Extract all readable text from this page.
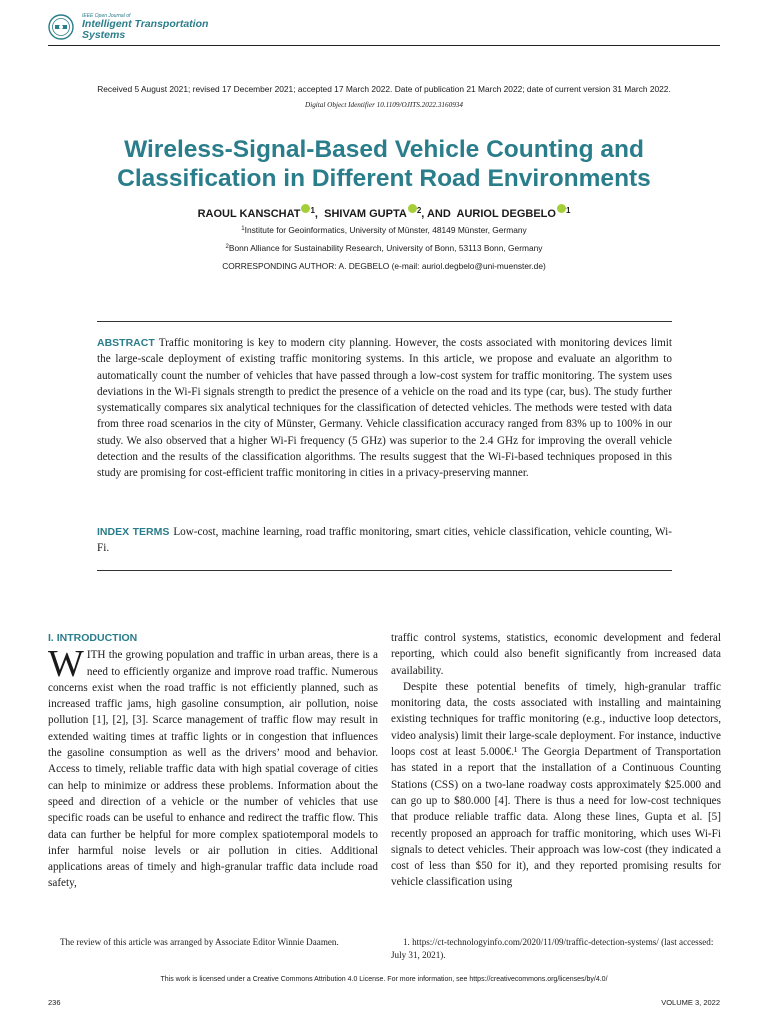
IEEE Open Journal of
Intelligent Transportation
Systems
Received 5 August 2021; revised 17 December 2021; accepted 17 March 2022. Date of publication 21 March 2022; date of current version 31 March 2022.
Digital Object Identifier 10.1109/OJITS.2022.3160934
Wireless-Signal-Based Vehicle Counting and
Classification in Different Road Environments
RAOUL KANSCHAT $^1$,  SHIVAM GUPTA $^2$, AND  AURIOL DEGBELO $^1$
$^1$Institute for Geoinformatics, University of Münster, 48149 Münster, Germany
$^2$Bonn Alliance for Sustainability Research, University of Bonn, 53113 Bonn, Germany
CORRESPONDING AUTHOR: A. DEGBELO (e-mail: auriol.degbelo@uni-muenster.de)
ABSTRACT Traffic monitoring is key to modern city planning. However, the costs associated with monitoring devices limit the large-scale deployment of existing traffic monitoring systems. In this article, we propose and evaluate an algorithm to automatically count the number of vehicles that have passed through a low-cost system for traffic monitoring. The system uses deviations in the Wi-Fi signals strength to predict the presence of a vehicle on the road and its type (car, bus). The study further systematically compares six analytical techniques for the classification of detected vehicles. The methods were tested with data from three road scenarios in the city of Münster, Germany. Vehicle classification accuracy ranged from 83% up to 100% in our study. We also observed that a higher Wi-Fi frequency (5 GHz) was superior to the 2.4 GHz for improving the overall vehicle detection and the results of the classification algorithms. The results suggest that the Wi-Fi-based techniques proposed in this study are promising for cost-efficient traffic monitoring in cities in a privacy-preserving manner.
INDEX TERMS Low-cost, machine learning, road traffic monitoring, smart cities, vehicle classification, vehicle counting, Wi-Fi.
I. INTRODUCTION
WITH the growing population and traffic in urban areas, there is a need to efficiently organize and improve road traffic. Numerous concerns exist when the road traffic is not efficiently planned, such as increased traffic jams, high gasoline consumption, air pollution, noise pollution [1], [2], [3]. Scarce management of traffic flow may result in extended waiting times at traffic lights or in congestion that influences the gasoline consumption as well as the drivers’ mood and behavior. Access to timely, reliable traffic data with high spatial coverage of cities can help to minimize or address these problems. Information about the speed and direction of a vehicle or the number of vehicles that use specific roads can be useful to enhance and redirect the traffic flow. This data can further be helpful for more complex spatiotemporal models to infer harmful noise levels or air pollution in cities. Additional applications areas of timely and high-granular traffic data include road safety,
traffic control systems, statistics, economic development and federal reporting, which could also benefit significantly from increased data availability.
Despite these potential benefits of timely, high-granular traffic monitoring data, the costs associated with installing and maintaining existing techniques for traffic monitoring (e.g., inductive loop detectors, video analysis) limit their large-scale deployment. For instance, inductive loops cost at least 5.000€.¹ The Georgia Department of Transportation has stated in a report that the installation of a Continuous Counting Stations (CSS) on a two-lane roadway costs approximately $25.000 and can go up to $80.000 [4]. There is thus a need for low-cost techniques that produce reliable traffic data. Along these lines, Gupta et al. [5] recently proposed an approach for traffic monitoring, which uses Wi-Fi signals to detect vehicles. Their approach was low-cost (they indicated a cost of less than $50 for it), and they reported promising results for vehicle classification using
The review of this article was arranged by Associate Editor Winnie Daamen.	1. https://ct-technologyinfo.com/2020/11/09/traffic-detection-systems/ (last accessed: July 31, 2021).
This work is licensed under a Creative Commons Attribution 4.0 License. For more information, see https://creativecommons.org/licenses/by/4.0/
236	VOLUME 3, 2022
